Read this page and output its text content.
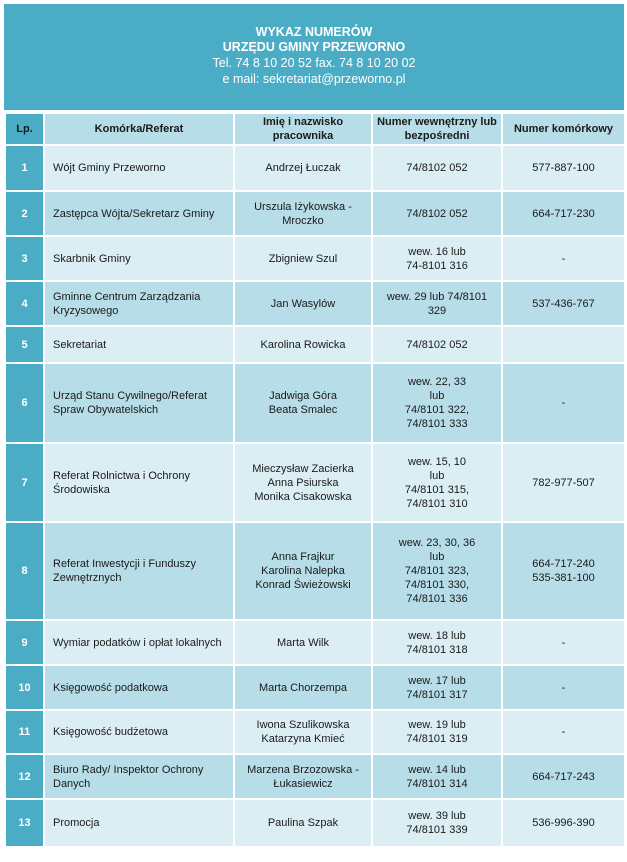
WYKAZ NUMERÓW
URZĘDU GMINY PRZEWORNO
Tel. 74 8 10 20 52 fax. 74 8 10 20 02
e mail: sekretariat@przeworno.pl
Lp.	Komórka/Referat	Imię i nazwisko
pracownika	Numer wewnętrzny lub
bezpośredni	Numer komórkowy
1	Wójt Gminy Przeworno	Andrzej Łuczak	74/8102 052	577-887-100

2	Zastępca Wójta/Sekretarz Gminy	Urszula Iżykowska -
Mroczko	74/8102 052	664-717-230

3	Skarbnik Gminy	Zbigniew Szul	wew. 16 lub
74-8101 316	-

4	Gminne Centrum Zarządzania
Kryzysowego	Jan Wasylów	wew. 29 lub 74/8101
329	537-436-767

5	Sekretariat	Karolina Rowicka	74/8102 052	

6	Urząd Stanu Cywilnego/Referat
Spraw Obywatelskich	Jadwiga Góra
Beata Smalec	wew. 22, 33
lub
74/8101 322,
74/8101 333	-

7	Referat Rolnictwa i Ochrony
Środowiska	Mieczysław Zacierka
Anna Psiurska
Monika Cisakowska	wew. 15, 10
lub
74/8101 315,
74/8101 310	782-977-507

8	Referat Inwestycji i Funduszy
Zewnętrznych	Anna Frajkur
Karolina Nalepka
Konrad Świeżowski	wew. 23, 30, 36
lub
74/8101 323,
74/8101 330,
74/8101 336	664-717-240
535-381-100

9	Wymiar podatków i opłat lokalnych	Marta Wilk	wew. 18 lub
74/8101 318	-

10	Księgowość podatkowa	Marta Chorzempa	wew. 17 lub
74/8101 317	-

11	Księgowość budżetowa	Iwona Szulikowska
Katarzyna Kmieć	wew. 19 lub
74/8101 319	-

12	Biuro Rady/ Inspektor Ochrony
Danych	Marzena Brzozowska -
Łukasiewicz	wew. 14 lub
74/8101 314	664-717-243

13	Promocja	Paulina Szpak	wew. 39 lub
74/8101 339	536-996-390
